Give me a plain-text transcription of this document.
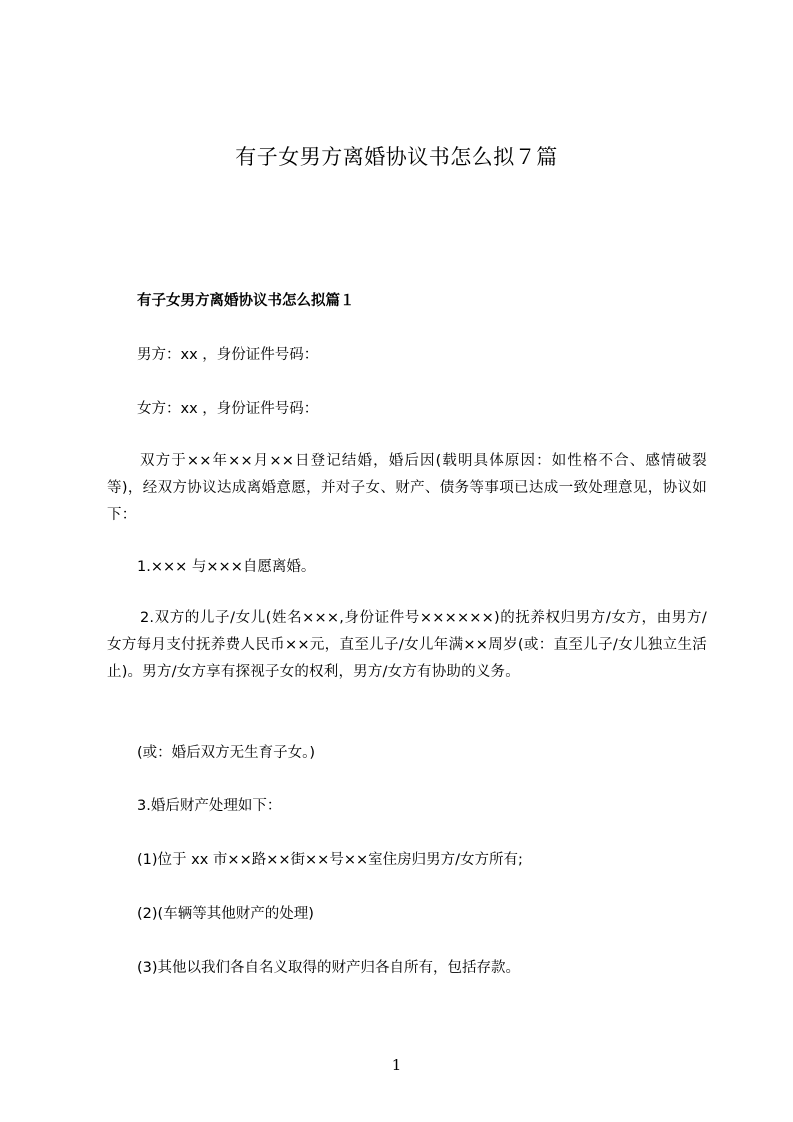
有子女男方离婚协议书怎么拟７篇
有子女男方离婚协议书怎么拟篇１
男方：xx ，身份证件号码：
女方：xx ，身份证件号码：
双方于××年××月××日登记结婚，婚后因(载明具体原因：如性格不合、感情破裂等)，经双方协议达成离婚意愿，并对子女、财产、债务等事项已达成一致处理意见，协议如下：
1.××× 与×××自愿离婚。
2.双方的儿子/女儿(姓名×××,身份证件号××××××)的抚养权归男方/女方，由男方/女方每月支付抚养费人民币××元，直至儿子/女儿年满××周岁(或：直至儿子/女儿独立生活止)。男方/女方享有探视子女的权利，男方/女方有协助的义务。
(或：婚后双方无生育子女。)
3.婚后财产处理如下：
(1)位于 xx 市××路××街××号××室住房归男方/女方所有;
(2)(车辆等其他财产的处理)
(3)其他以我们各自名义取得的财产归各自所有，包括存款。
1
